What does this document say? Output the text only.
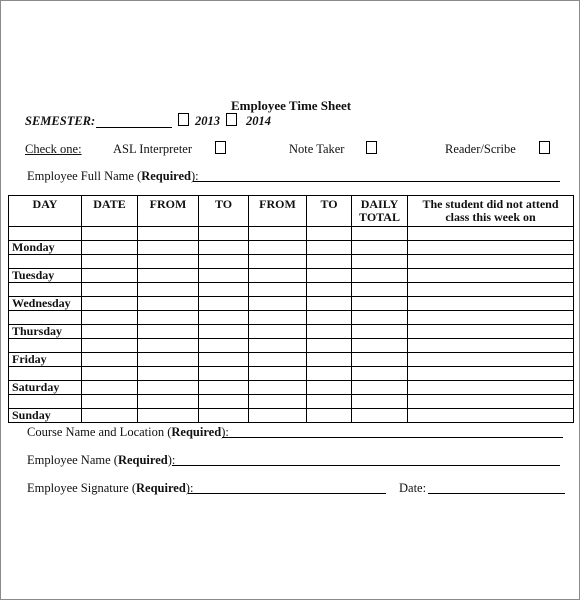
Employee Time Sheet
SEMESTER:	2013 2014
Check one:	ASL Interpreter	Note Taker	Reader/Scribe
Employee Full Name (Required):
DAY	DATE	FROM	TO	FROM	TO	DAILY TOTAL	The student did not attend class this week on

Monday							

Tuesday							

Wednesday							

Thursday							

Friday							

Saturday							

Sunday							
Course Name and Location (Required):
Employee Name (Required):
Employee Signature (Required):	Date:
